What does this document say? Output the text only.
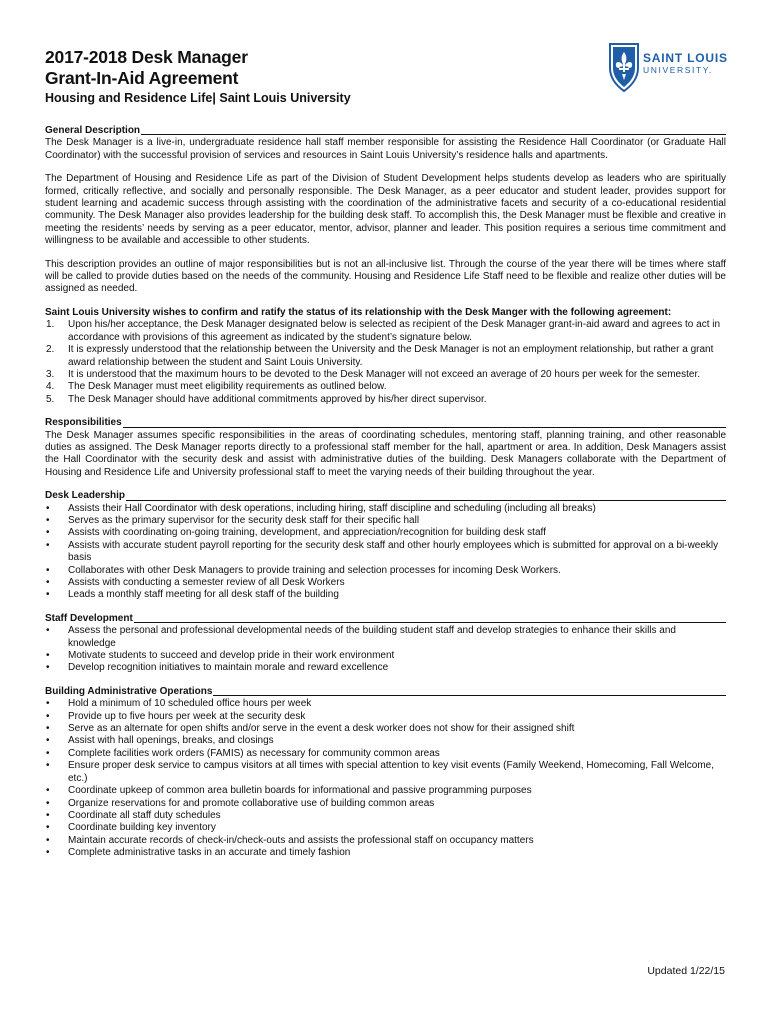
2017-2018 Desk Manager
Grant-In-Aid Agreement
Housing and Residence Life| Saint Louis University
SAINT LOUIS
UNIVERSITY.
General Description

The Desk Manager is a live-in, undergraduate residence hall staff member responsible for assisting the Residence Hall Coordinator (or Graduate Hall Coordinator) with the successful provision of services and resources in Saint Louis University’s residence halls and apartments.

The Department of Housing and Residence Life as part of the Division of Student Development helps students develop as leaders who are spiritually formed, critically reflective, and socially and personally responsible. The Desk Manager, as a peer educator and student leader, provides support for student learning and academic success through assisting with the coordination of the administrative facets and security of a co-educational residential community. The Desk Manager also provides leadership for the building desk staff. To accomplish this, the Desk Manager must be flexible and creative in meeting the residents’ needs by serving as a peer educator, mentor, advisor, planner and leader. This position requires a serious time commitment and willingness to be available and accessible to other students.

This description provides an outline of major responsibilities but is not an all-inclusive list. Through the course of the year there will be times where staff will be called to provide duties based on the needs of the community. Housing and Residence Life Staff need to be flexible and realize other duties will be assigned as needed.

Saint Louis University wishes to confirm and ratify the status of its relationship with the Desk Manger with the following agreement:
1. Upon his/her acceptance, the Desk Manager designated below is selected as recipient of the Desk Manager grant-in-aid award and agrees to act in accordance with provisions of this agreement as indicated by the student’s signature below.
2. It is expressly understood that the relationship between the University and the Desk Manager is not an employment relationship, but rather a grant award relationship between the student and Saint Louis University.
3. It is understood that the maximum hours to be devoted to the Desk Manager will not exceed an average of 20 hours per week for the semester.
4. The Desk Manager must meet eligibility requirements as outlined below.
5. The Desk Manager should have additional commitments approved by his/her direct supervisor.
Responsibilities

The Desk Manager assumes specific responsibilities in the areas of coordinating schedules, mentoring staff, planning training, and other reasonable duties as assigned. The Desk Manager reports directly to a professional staff member for the hall, apartment or area. In addition, Desk Managers assist the Hall Coordinator with the security desk and assist with administrative duties of the building. Desk Managers collaborate with the Department of Housing and Residence Life and University professional staff to meet the varying needs of their building throughout the year.

Desk Leadership
• Assists their Hall Coordinator with desk operations, including hiring, staff discipline and scheduling (including all breaks)
• Serves as the primary supervisor for the security desk staff for their specific hall
• Assists with coordinating on-going training, development, and appreciation/recognition for building desk staff
• Assists with accurate student payroll reporting for the security desk staff and other hourly employees which is submitted for approval on a bi-weekly basis
• Collaborates with other Desk Managers to provide training and selection processes for incoming Desk Workers.
• Assists with conducting a semester review of all Desk Workers
• Leads a monthly staff meeting for all desk staff of the building
Staff Development
• Assess the personal and professional developmental needs of the building student staff and develop strategies to enhance their skills and knowledge
• Motivate students to succeed and develop pride in their work environment
• Develop recognition initiatives to maintain morale and reward excellence
Building Administrative Operations
• Hold a minimum of 10 scheduled office hours per week
• Provide up to five hours per week at the security desk
• Serve as an alternate for open shifts and/or serve in the event a desk worker does not show for their assigned shift
• Assist with hall openings, breaks, and closings
• Complete facilities work orders (FAMIS) as necessary for community common areas
• Ensure proper desk service to campus visitors at all times with special attention to key visit events (Family Weekend, Homecoming, Fall Welcome, etc.)
• Coordinate upkeep of common area bulletin boards for informational and passive programming purposes
• Organize reservations for and promote collaborative use of building common areas
• Coordinate all staff duty schedules
• Coordinate building key inventory
• Maintain accurate records of check-in/check-outs and assists the professional staff on occupancy matters
• Complete administrative tasks in an accurate and timely fashion
Updated 1/22/15
